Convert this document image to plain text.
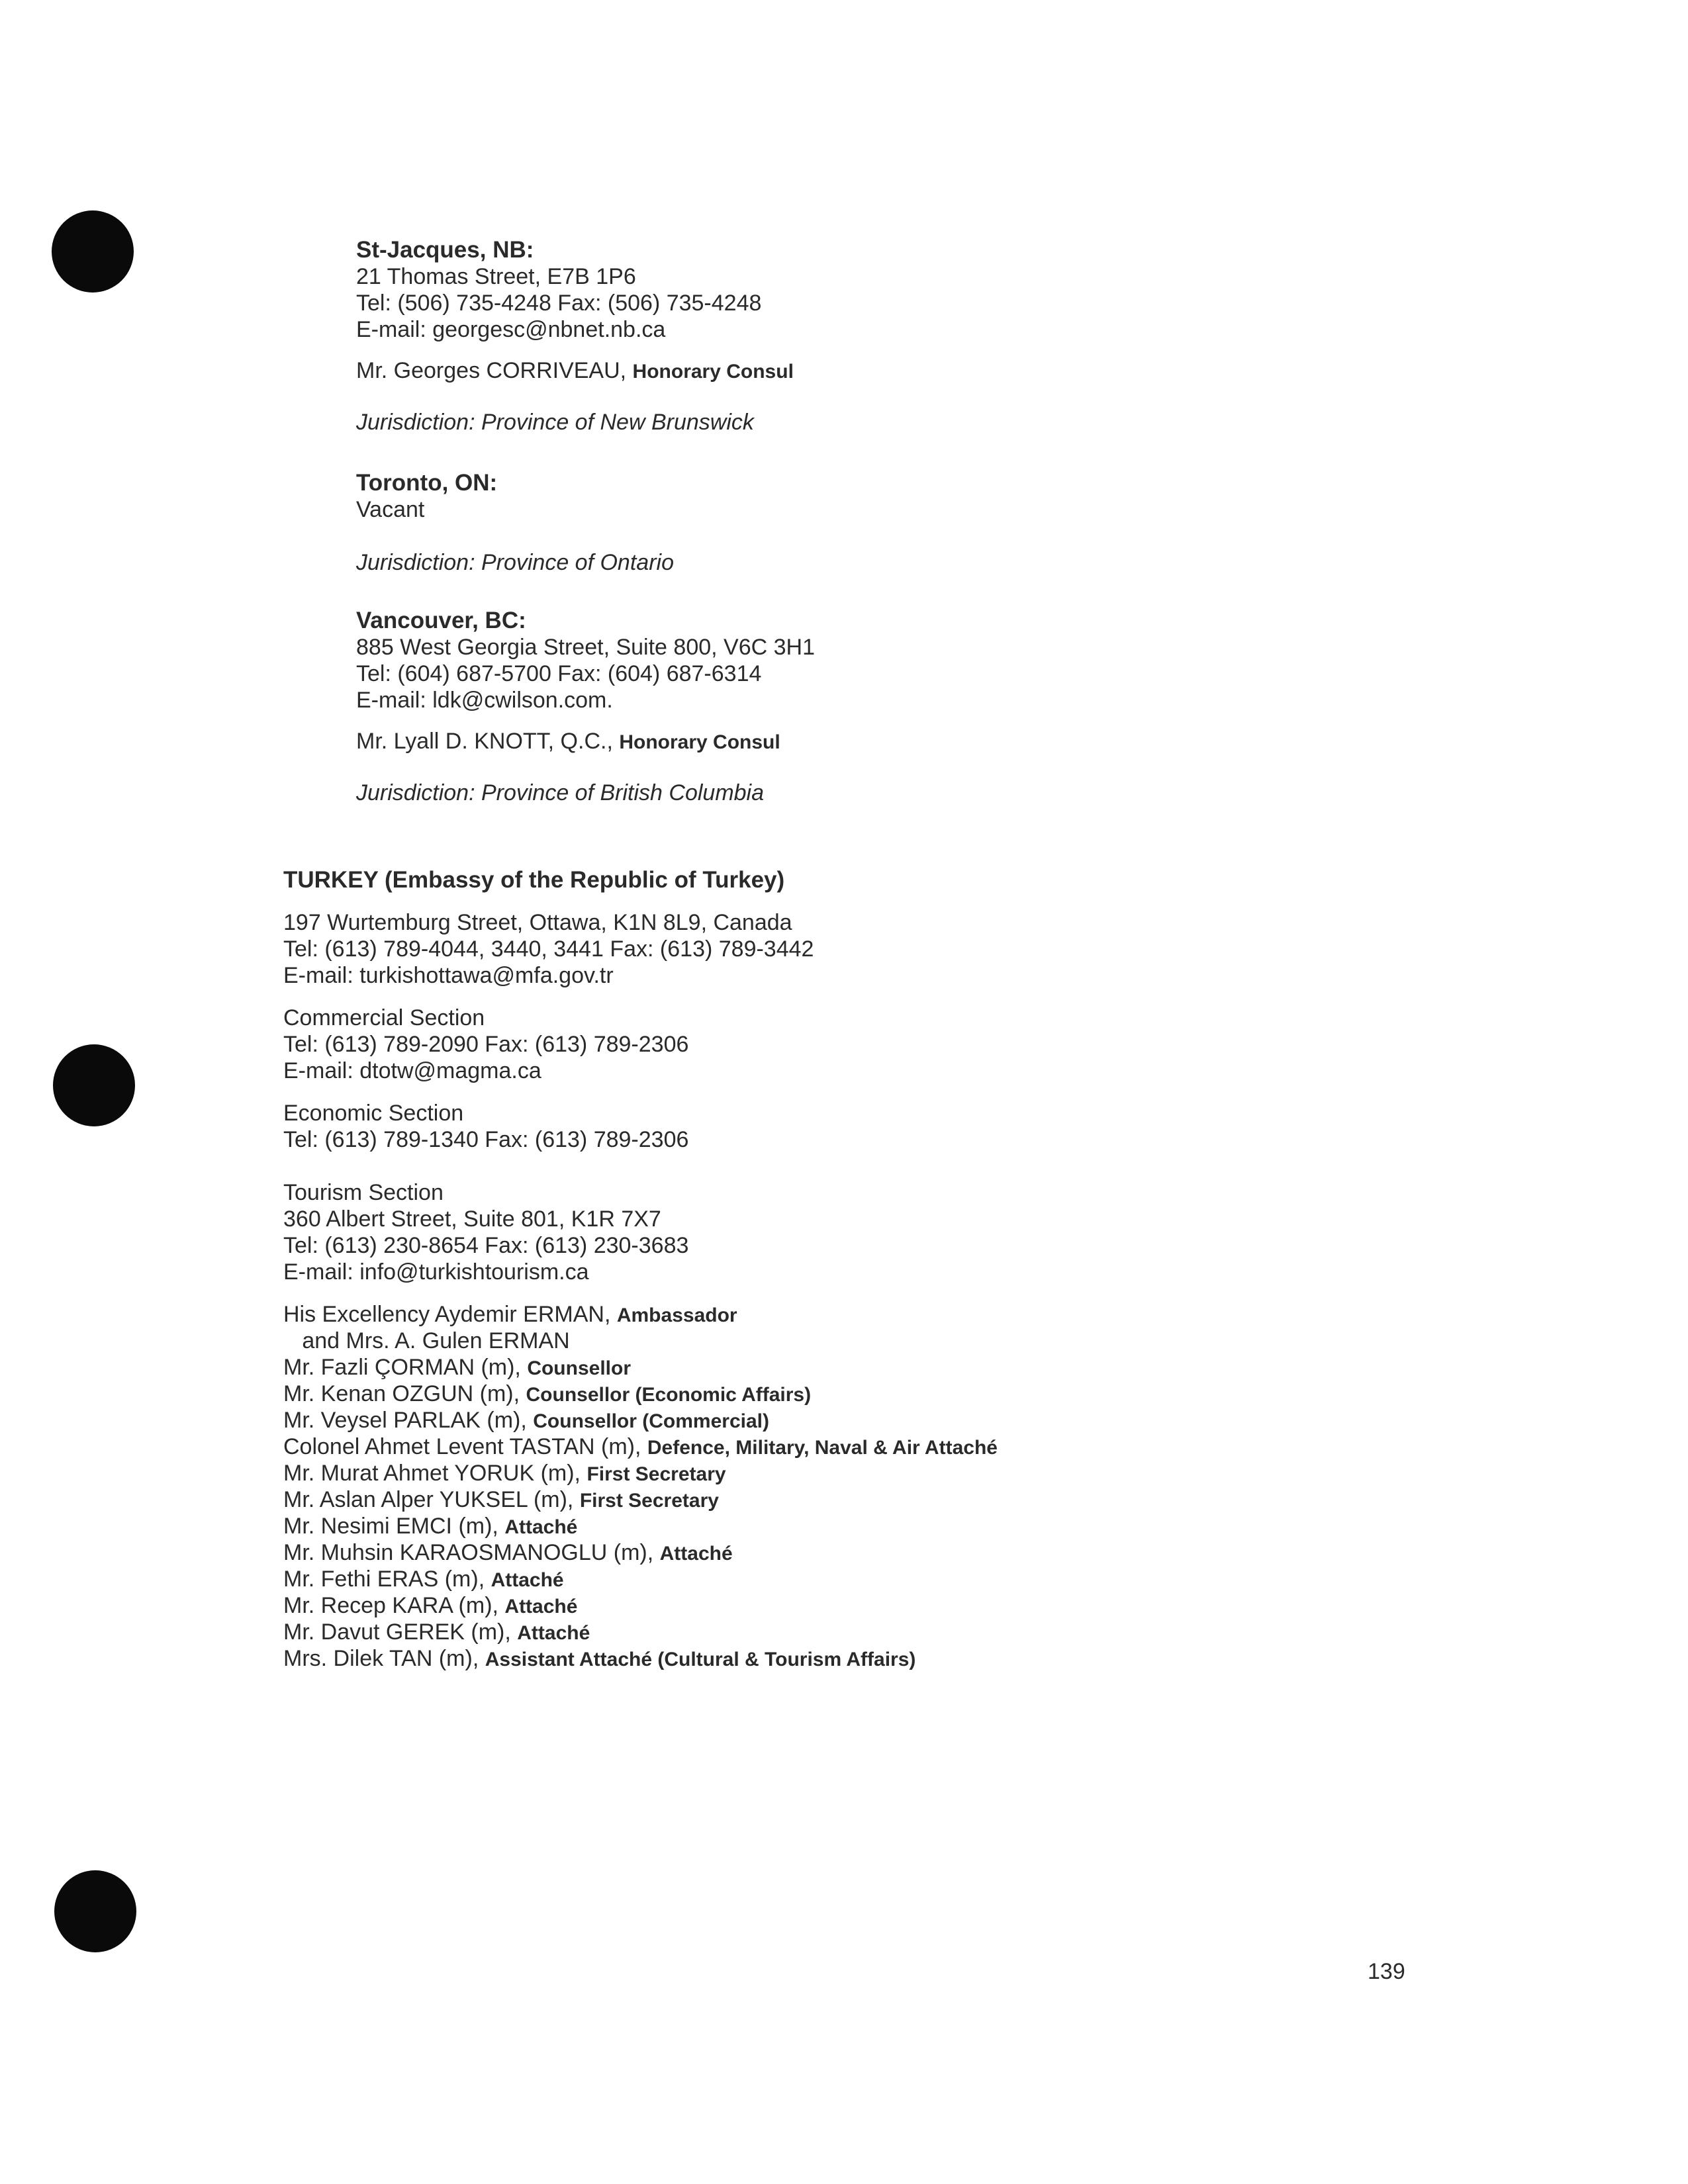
St-Jacques, NB:
21 Thomas Street, E7B 1P6
Tel: (506) 735-4248 Fax: (506) 735-4248
E-mail: georgesc@nbnet.nb.ca
Mr. Georges CORRIVEAU, Honorary Consul
Jurisdiction: Province of New Brunswick
Toronto, ON:
Vacant
Jurisdiction: Province of Ontario
Vancouver, BC:
885 West Georgia Street, Suite 800, V6C 3H1
Tel: (604) 687-5700 Fax: (604) 687-6314
E-mail: ldk@cwilson.com.
Mr. Lyall D. KNOTT, Q.C., Honorary Consul
Jurisdiction: Province of British Columbia
TURKEY (Embassy of the Republic of Turkey)
197 Wurtemburg Street, Ottawa, K1N 8L9, Canada
Tel: (613) 789-4044, 3440, 3441 Fax: (613) 789-3442
E-mail: turkishottawa@mfa.gov.tr
Commercial Section
Tel: (613) 789-2090 Fax: (613) 789-2306
E-mail: dtotw@magma.ca
Economic Section
Tel: (613) 789-1340 Fax: (613) 789-2306
Tourism Section
360 Albert Street, Suite 801, K1R 7X7
Tel: (613) 230-8654 Fax: (613) 230-3683
E-mail: info@turkishtourism.ca
His Excellency Aydemir ERMAN, Ambassador
and Mrs. A. Gulen ERMAN
Mr. Fazli ÇORMAN (m), Counsellor
Mr. Kenan OZGUN (m), Counsellor (Economic Affairs)
Mr. Veysel PARLAK (m), Counsellor (Commercial)
Colonel Ahmet Levent TASTAN (m), Defence, Military, Naval & Air Attaché
Mr. Murat Ahmet YORUK (m), First Secretary
Mr. Aslan Alper YUKSEL (m), First Secretary
Mr. Nesimi EMCI (m), Attaché
Mr. Muhsin KARAOSMANOGLU (m), Attaché
Mr. Fethi ERAS (m), Attaché
Mr. Recep KARA (m), Attaché
Mr. Davut GEREK (m), Attaché
Mrs. Dilek TAN (m), Assistant Attaché (Cultural & Tourism Affairs)
139
